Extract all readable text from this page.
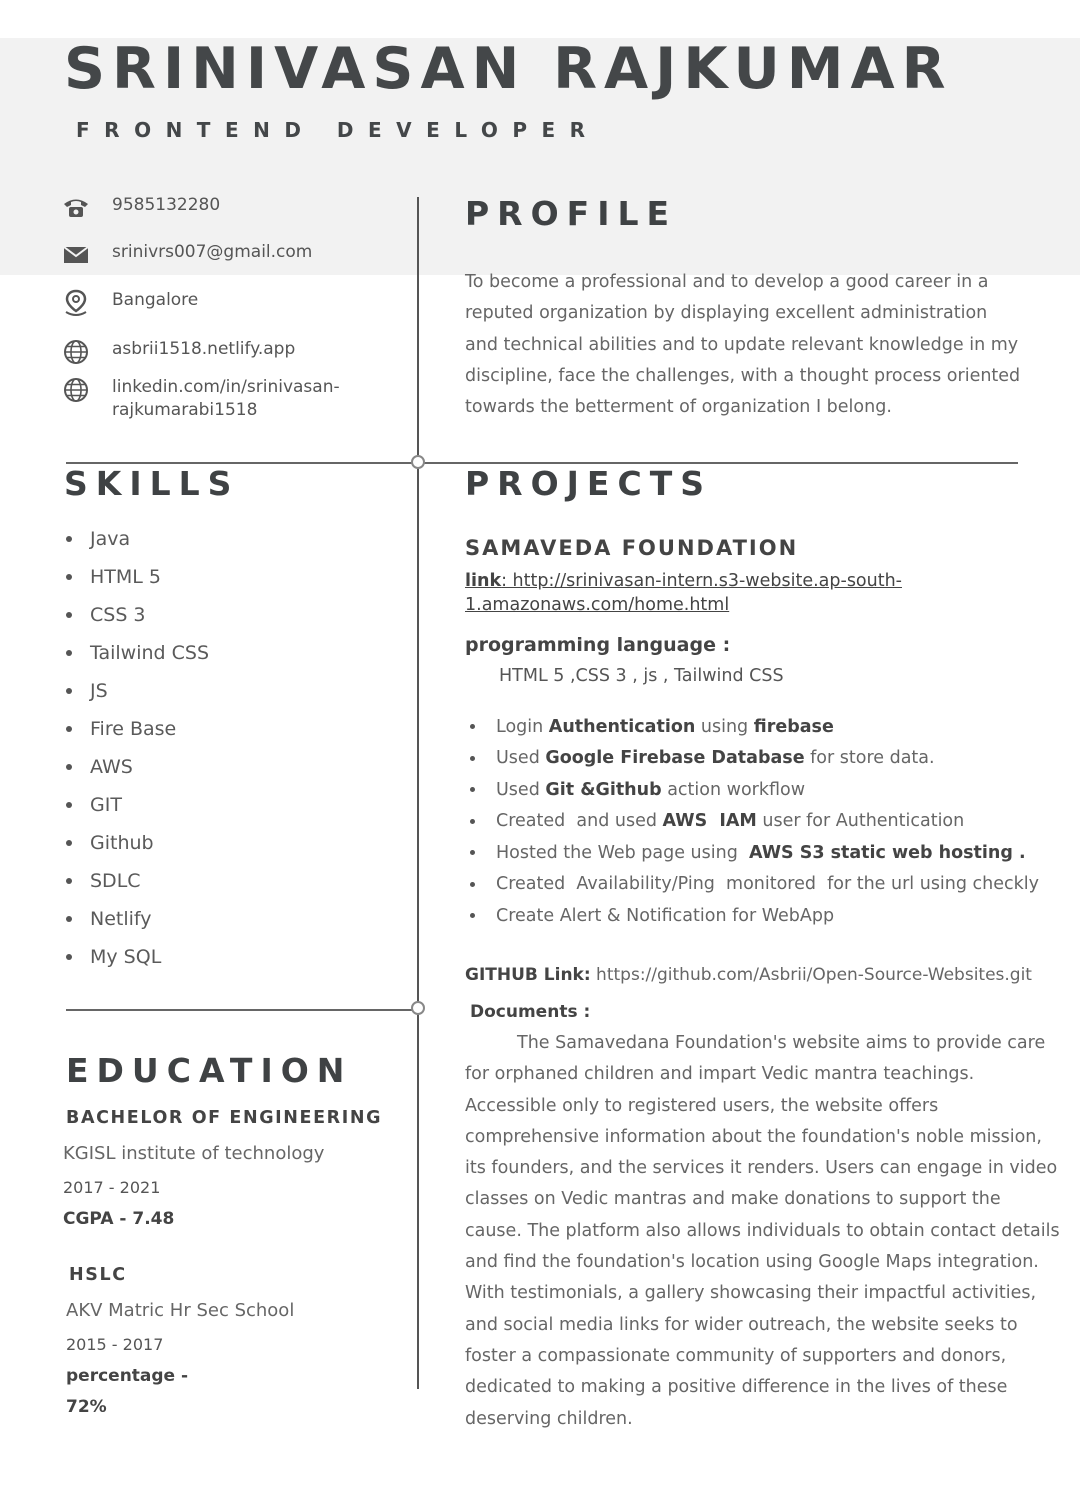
SRINIVASAN RAJKUMAR
FRONTEND DEVELOPER
9585132280
srinivrs007@gmail.com
Bangalore
asbrii1518.netlify.app
linkedin.com/in/srinivasan-
rajkumarabi1518
PROFILE
To become a professional and to develop a good career in a reputed organization by displaying excellent administration and technical abilities and to update relevant knowledge in my discipline, face the challenges, with a thought process oriented towards the betterment of organization I belong.
SKILLS
Java
HTML 5
CSS 3
Tailwind CSS
JS
Fire Base
AWS
GIT
Github
SDLC
Netlify
My SQL
PROJECTS
SAMAVEDA FOUNDATION
link: http://srinivasan-intern.s3-website.ap-south-1.amazonaws.com/home.html
programming language :
HTML 5 ,CSS 3 , js , Tailwind CSS
Login Authentication using firebase
Used Google Firebase Database for store data.
Used Git &Github action workflow
Created  and used AWS  IAM user for Authentication
Hosted the Web page using AWS S3 static web hosting .
Created  Availability/Ping  monitored  for the url using checkly
Create Alert & Notification for WebApp
GITHUB Link: https://github.com/Asbrii/Open-Source-Websites.git
Documents :
The Samavedana Foundation's website aims to provide care for orphaned children and impart Vedic mantra teachings. Accessible only to registered users, the website offers comprehensive information about the foundation's noble mission, its founders, and the services it renders. Users can engage in video classes on Vedic mantras and make donations to support the cause. The platform also allows individuals to obtain contact details and find the foundation's location using Google Maps integration. With testimonials, a gallery showcasing their impactful activities, and social media links for wider outreach, the website seeks to foster a compassionate community of supporters and donors, dedicated to making a positive difference in the lives of these deserving children.
EDUCATION
BACHELOR OF ENGINEERING
KGISL institute of technology
2017 - 2021
CGPA - 7.48
HSLC
AKV Matric Hr Sec School
2015 - 2017
percentage -
72%
